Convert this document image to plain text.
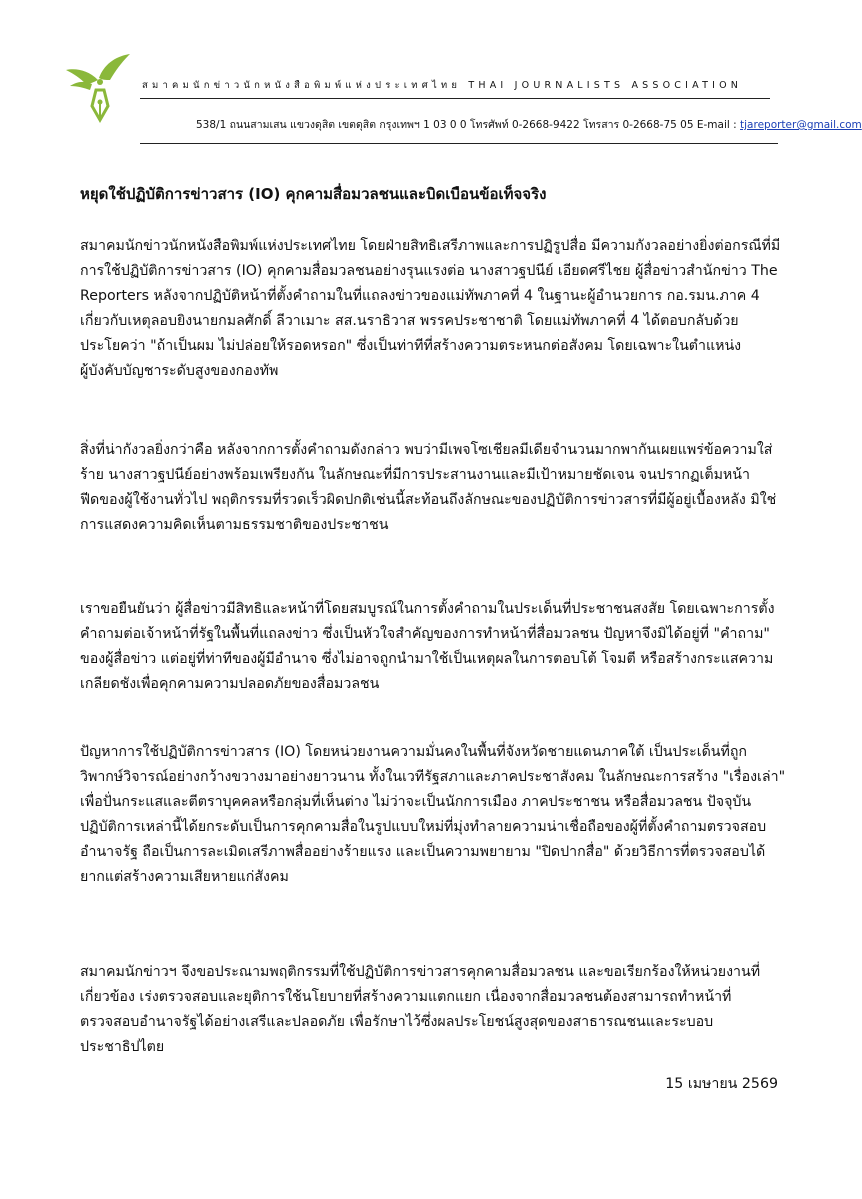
สมาคมนักข่าวนักหนังสือพิมพ์แห่งประเทศไทย THAI JOURNALISTS ASSOCIATION
538/1 ถนนสามเสน แขวงดุสิต เขตดุสิต กรุงเทพฯ 1 03 0 0 โทรศัพท์ 0-2668-9422 โทรสาร 0-2668-75 05 E-mail : tjareporter@gmail.com
หยุดใช้ปฏิบัติการข่าวสาร (IO) คุกคามสื่อมวลชนและบิดเบือนข้อเท็จจริง
สมาคมนักข่าวนักหนังสือพิมพ์แห่งประเทศไทย โดยฝ่ายสิทธิเสรีภาพและการปฏิรูปสื่อ มีความกังวลอย่างยิ่งต่อกรณีที่มี
การใช้ปฏิบัติการข่าวสาร (IO) คุกคามสื่อมวลชนอย่างรุนแรงต่อ นางสาวฐปนีย์ เอียดศรีไชย ผู้สื่อข่าวสำนักข่าว The
Reporters หลังจากปฏิบัติหน้าที่ตั้งคำถามในที่แถลงข่าวของแม่ทัพภาคที่ 4 ในฐานะผู้อำนวยการ กอ.รมน.ภาค 4
เกี่ยวกับเหตุลอบยิงนายกมลศักดิ์ ลีวาเมาะ สส.นราธิวาส พรรคประชาชาติ โดยแม่ทัพภาคที่ 4 ได้ตอบกลับด้วย
ประโยคว่า "ถ้าเป็นผม ไม่ปล่อยให้รอดหรอก" ซึ่งเป็นท่าทีที่สร้างความตระหนกต่อสังคม โดยเฉพาะในตำแหน่ง
ผู้บังคับบัญชาระดับสูงของกองทัพ
สิ่งที่น่ากังวลยิ่งกว่าคือ หลังจากการตั้งคำถามดังกล่าว พบว่ามีเพจโซเชียลมีเดียจำนวนมากพากันเผยแพร่ข้อความใส่
ร้าย นางสาวฐปนีย์อย่างพร้อมเพรียงกัน ในลักษณะที่มีการประสานงานและมีเป้าหมายชัดเจน จนปรากฏเต็มหน้า
ฟีดของผู้ใช้งานทั่วไป พฤติกรรมที่รวดเร็วผิดปกติเช่นนี้สะท้อนถึงลักษณะของปฏิบัติการข่าวสารที่มีผู้อยู่เบื้องหลัง มิใช่
การแสดงความคิดเห็นตามธรรมชาติของประชาชน
เราขอยืนยันว่า ผู้สื่อข่าวมีสิทธิและหน้าที่โดยสมบูรณ์ในการตั้งคำถามในประเด็นที่ประชาชนสงสัย โดยเฉพาะการตั้ง
คำถามต่อเจ้าหน้าที่รัฐในพื้นที่แถลงข่าว ซึ่งเป็นหัวใจสำคัญของการทำหน้าที่สื่อมวลชน ปัญหาจึงมิได้อยู่ที่ "คำถาม"
ของผู้สื่อข่าว แต่อยู่ที่ท่าทีของผู้มีอำนาจ ซึ่งไม่อาจถูกนำมาใช้เป็นเหตุผลในการตอบโต้ โจมตี หรือสร้างกระแสความ
เกลียดชังเพื่อคุกคามความปลอดภัยของสื่อมวลชน
ปัญหาการใช้ปฏิบัติการข่าวสาร (IO) โดยหน่วยงานความมั่นคงในพื้นที่จังหวัดชายแดนภาคใต้ เป็นประเด็นที่ถูก
วิพากษ์วิจารณ์อย่างกว้างขวางมาอย่างยาวนาน ทั้งในเวทีรัฐสภาและภาคประชาสังคม ในลักษณะการสร้าง "เรื่องเล่า"
เพื่อปั่นกระแสและตีตราบุคคลหรือกลุ่มที่เห็นต่าง ไม่ว่าจะเป็นนักการเมือง ภาคประชาชน หรือสื่อมวลชน ปัจจุบัน
ปฏิบัติการเหล่านี้ได้ยกระดับเป็นการคุกคามสื่อในรูปแบบใหม่ที่มุ่งทำลายความน่าเชื่อถือของผู้ที่ตั้งคำถามตรวจสอบ
อำนาจรัฐ ถือเป็นการละเมิดเสรีภาพสื่ออย่างร้ายแรง และเป็นความพยายาม "ปิดปากสื่อ" ด้วยวิธีการที่ตรวจสอบได้
ยากแต่สร้างความเสียหายแก่สังคม
สมาคมนักข่าวฯ จึงขอประณามพฤติกรรมที่ใช้ปฏิบัติการข่าวสารคุกคามสื่อมวลชน และขอเรียกร้องให้หน่วยงานที่
เกี่ยวข้อง เร่งตรวจสอบและยุติการใช้นโยบายที่สร้างความแตกแยก เนื่องจากสื่อมวลชนต้องสามารถทำหน้าที่
ตรวจสอบอำนาจรัฐได้อย่างเสรีและปลอดภัย เพื่อรักษาไว้ซึ่งผลประโยชน์สูงสุดของสาธารณชนและระบอบ
ประชาธิปไตย
15 เมษายน 2569
